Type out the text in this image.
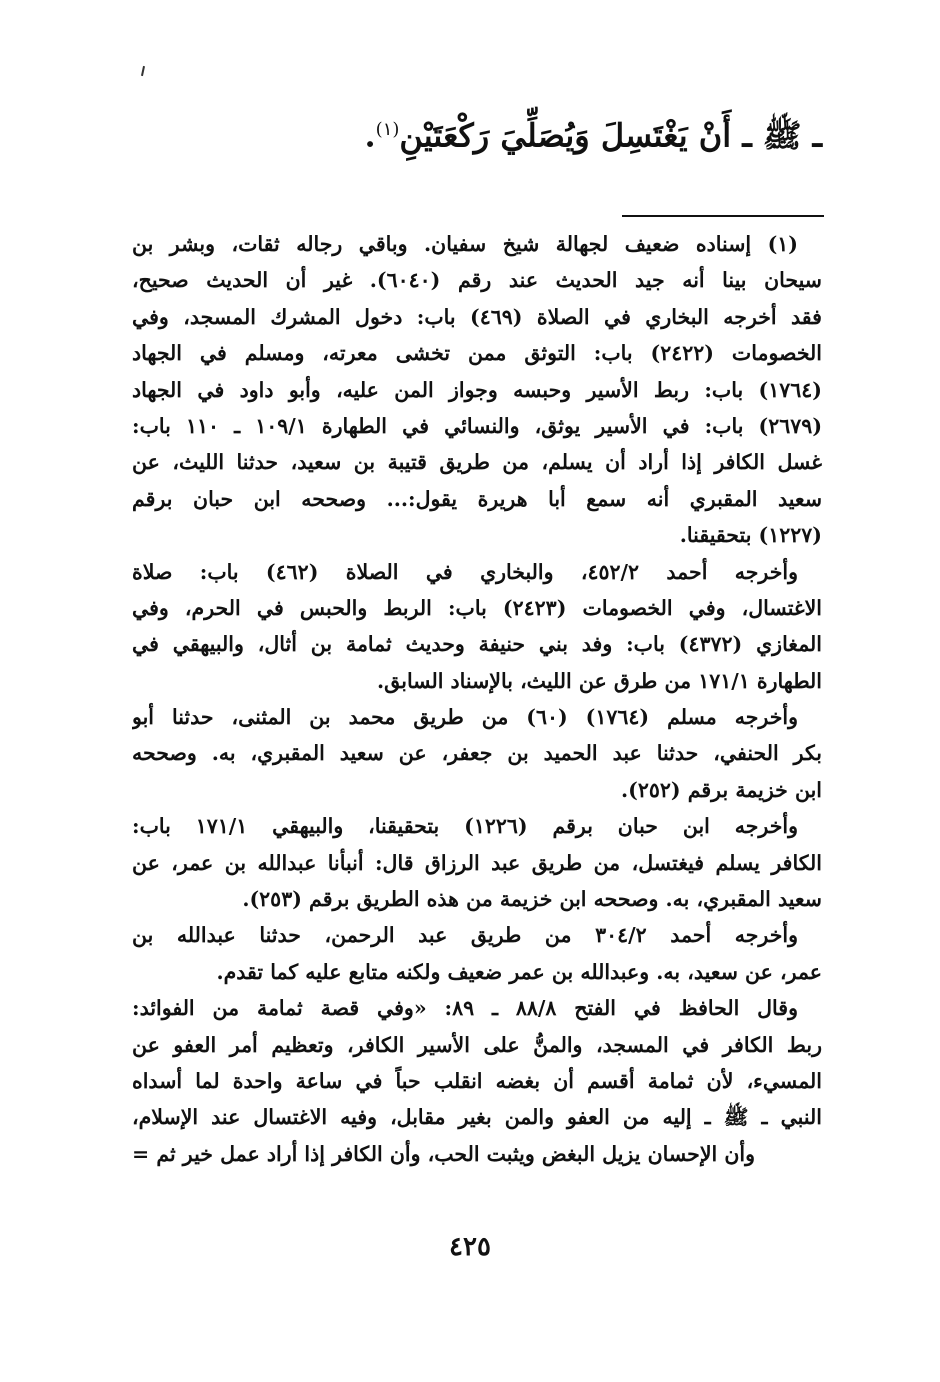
ـ ﷺ ـ أَنْ يَغْتَسِلَ وَيُصَلِّيَ رَكْعَتَيْنِ$^{(١)}$.
(١) إسناده ضعيف لجهالة شيخ سفيان. وباقي رجاله ثقات، وبشر بن
سيحان بينا أنه جيد الحديث عند رقم (٦٠٤٠). غير أن الحديث صحيح،
فقد أخرجه البخاري في الصلاة (٤٦٩) باب: دخول المشرك المسجد، وفي
الخصومات (٢٤٢٢) باب: التوثق ممن تخشى معرته، ومسلم في الجهاد
(١٧٦٤) باب: ربط الأسير وحبسه وجواز المن عليه، وأبو داود في الجهاد
(٢٦٧٩) باب: في الأسير يوثق، والنسائي في الطهارة ١٠٩/١ ـ ١١٠ باب:
غسل الكافر إذا أراد أن يسلم، من طريق قتيبة بن سعيد، حدثنا الليث، عن
سعيد المقبري أنه سمع أبا هريرة يقول:... وصححه ابن حبان برقم
(١٢٢٧) بتحقيقنا.
وأخرجه أحمد ٤٥٢/٢، والبخاري في الصلاة (٤٦٢) باب: صلاة
الاغتسال، وفي الخصومات (٢٤٢٣) باب: الربط والحبس في الحرم، وفي
المغازي (٤٣٧٢) باب: وفد بني حنيفة وحديث ثمامة بن أثال، والبيهقي في
الطهارة ١٧١/١ من طرق عن الليث، بالإسناد السابق.
وأخرجه مسلم (١٧٦٤) (٦٠) من طريق محمد بن المثنى، حدثنا أبو
بكر الحنفي، حدثنا عبد الحميد بن جعفر، عن سعيد المقبري، به. وصححه
ابن خزيمة برقم (٢٥٢).
وأخرجه ابن حبان برقم (١٢٢٦) بتحقيقنا، والبيهقي ١٧١/١ باب:
الكافر يسلم فيغتسل، من طريق عبد الرزاق قال: أنبأنا عبدالله بن عمر، عن
سعيد المقبري، به. وصححه ابن خزيمة من هذه الطريق برقم (٢٥٣).
وأخرجه أحمد ٣٠٤/٢ من طريق عبد الرحمن، حدثنا عبدالله بن
عمر، عن سعيد، به. وعبدالله بن عمر ضعيف ولكنه متابع عليه كما تقدم.
وقال الحافظ في الفتح ٨٨/٨ ـ ٨٩: «وفي قصة ثمامة من الفوائد:
ربط الكافر في المسجد، والمنُّ على الأسير الكافر، وتعظيم أمر العفو عن
المسيء، لأن ثمامة أقسم أن بغضه انقلب حباً في ساعة واحدة لما أسداه
النبي ـ ﷺ ـ إليه من العفو والمن بغير مقابل، وفيه الاغتسال عند الإسلام،
وأن الإحسان يزيل البغض ويثبت الحب، وأن الكافر إذا أراد عمل خير ثم =
٤٢٥
